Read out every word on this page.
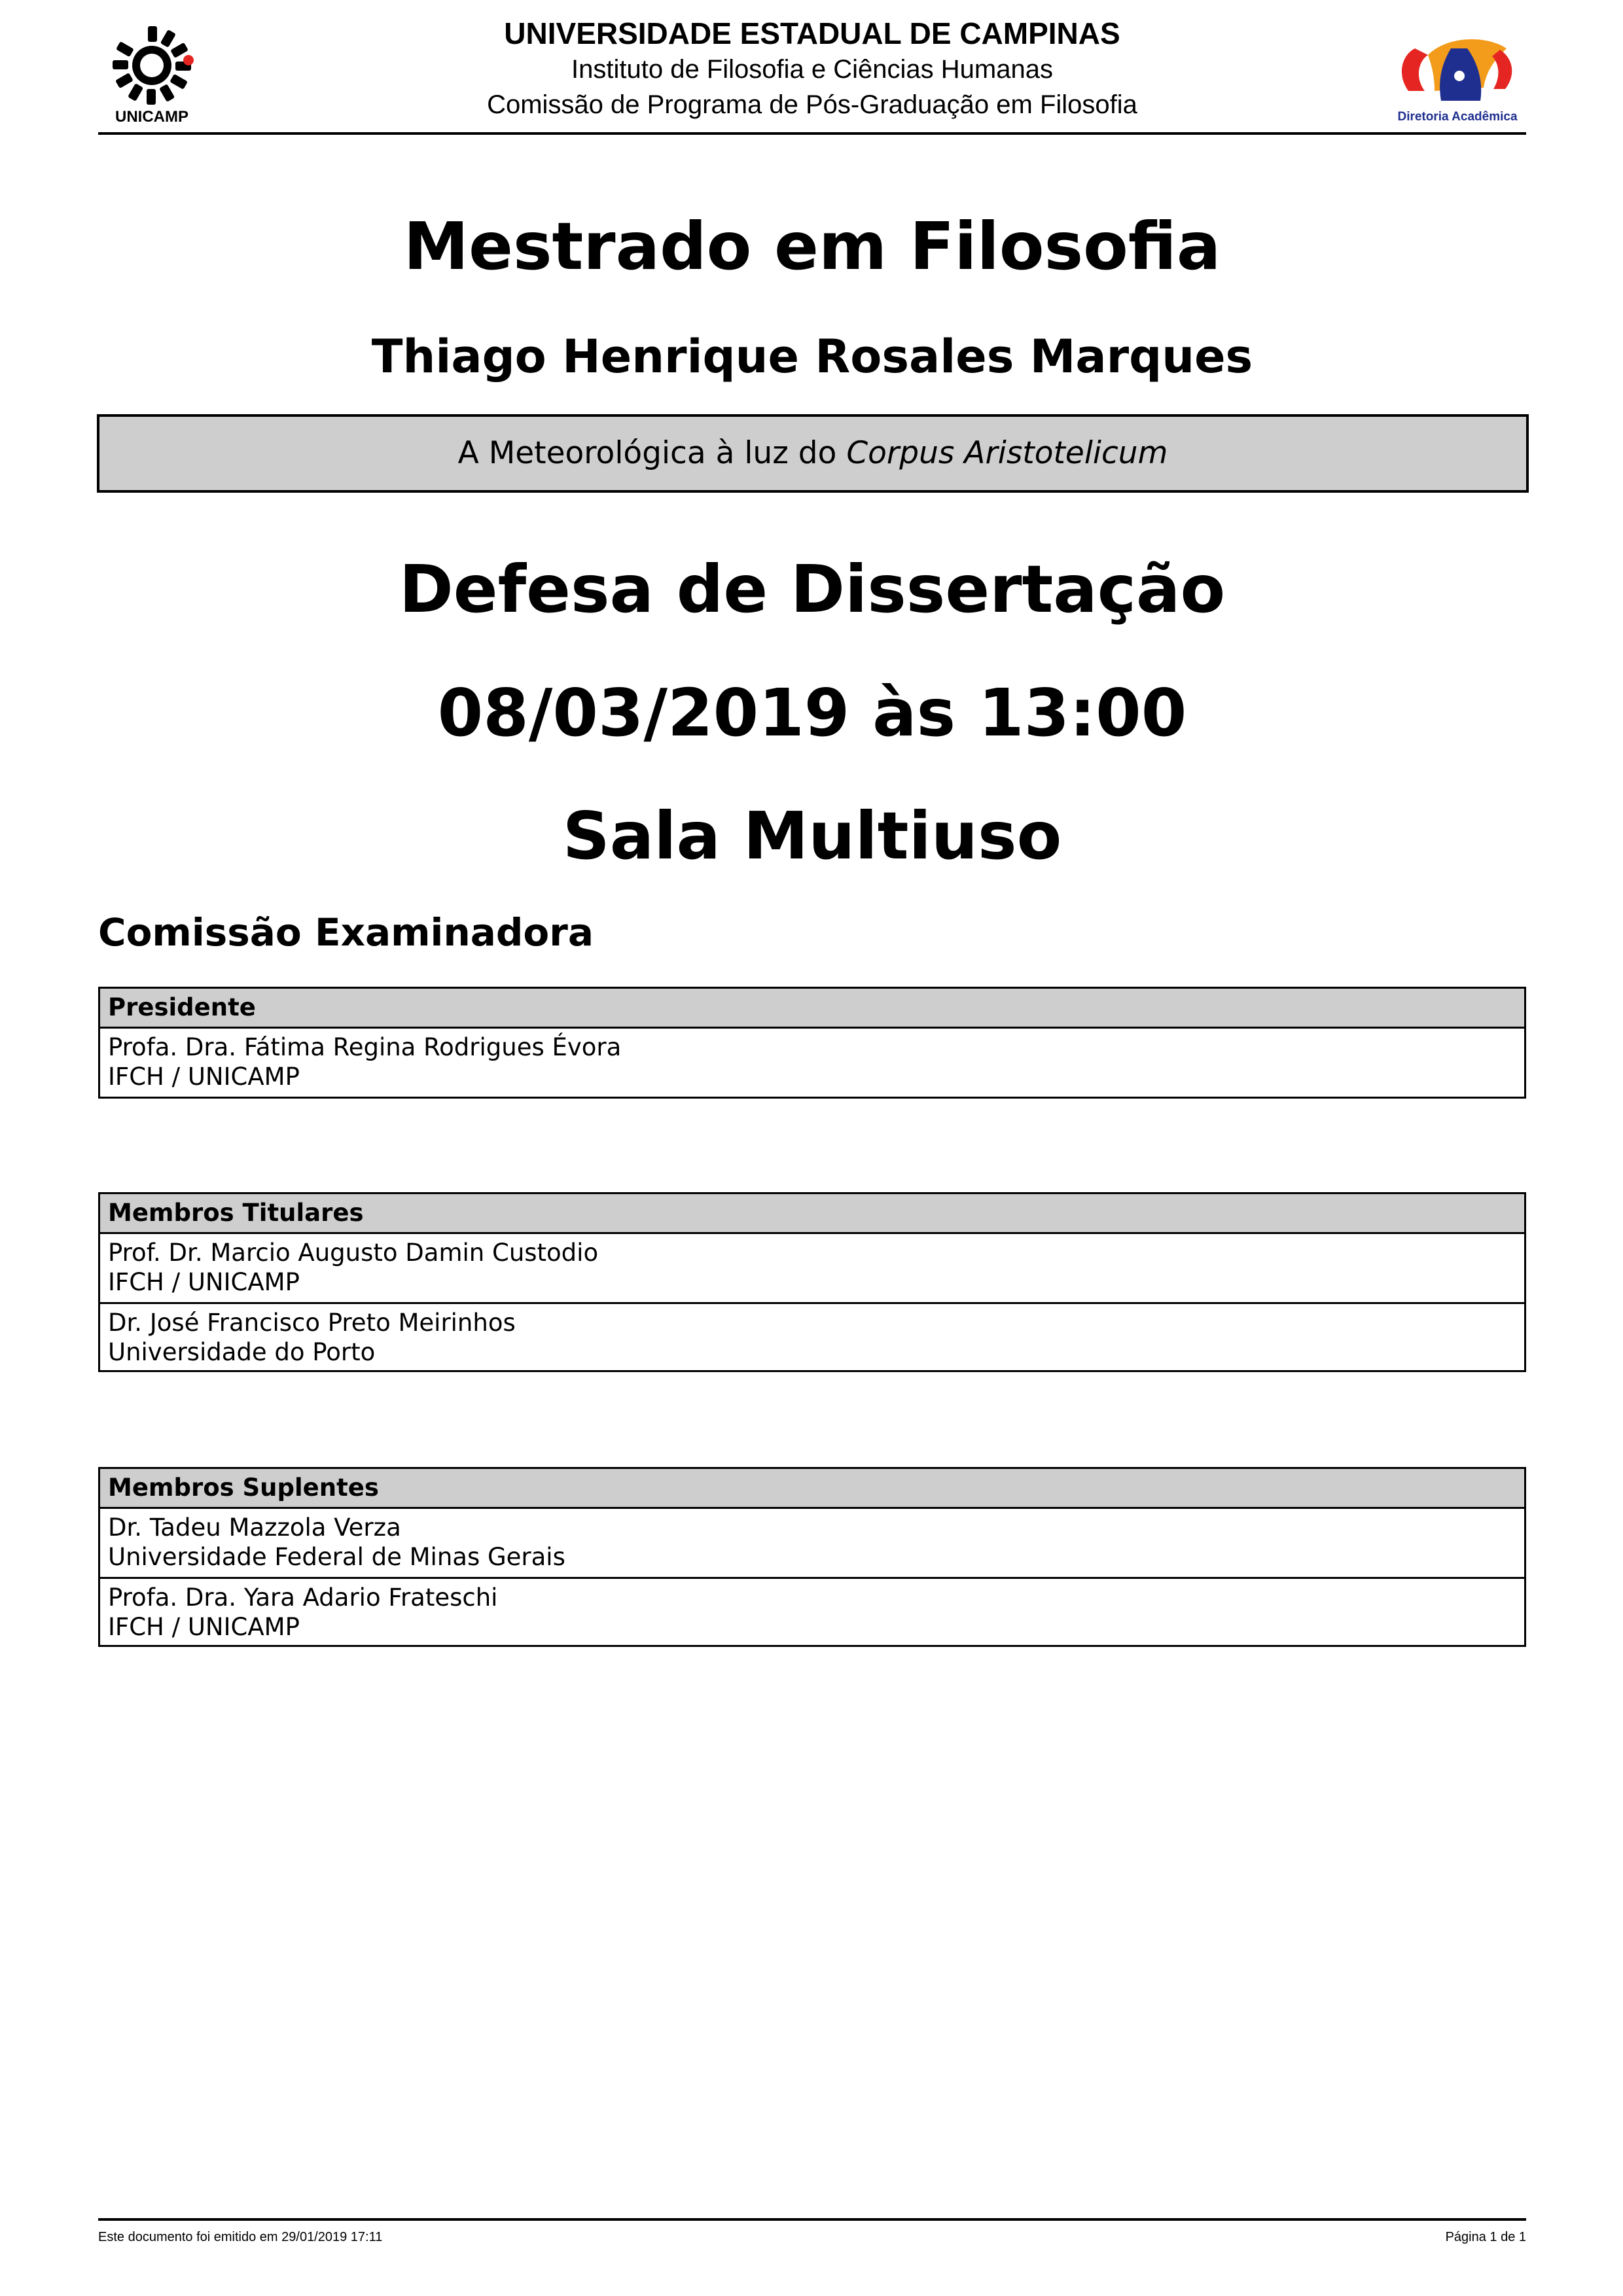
UNICAMP
UNIVERSIDADE ESTADUAL DE CAMPINAS
Instituto de Filosofia e Ciências Humanas
Comissão de Programa de Pós-Graduação em Filosofia	Diretoria Acadêmica
Mestrado em Filosofia
Thiago Henrique Rosales Marques
A Meteorológica à luz do Corpus Aristotelicum
Defesa de Dissertação
08/03/2019 às 13:00
Sala Multiuso
Comissão Examinadora
Presidente
Profa. Dra. Fátima Regina Rodrigues Évora
IFCH / UNICAMP
Membros Titulares
Prof. Dr. Marcio Augusto Damin Custodio
IFCH / UNICAMP
Dr. José Francisco Preto Meirinhos
Universidade do Porto
Membros Suplentes
Dr. Tadeu Mazzola Verza
Universidade Federal de Minas Gerais
Profa. Dra. Yara Adario Frateschi
IFCH / UNICAMP
Este documento foi emitido em 29/01/2019 17:11	Página 1 de 1
